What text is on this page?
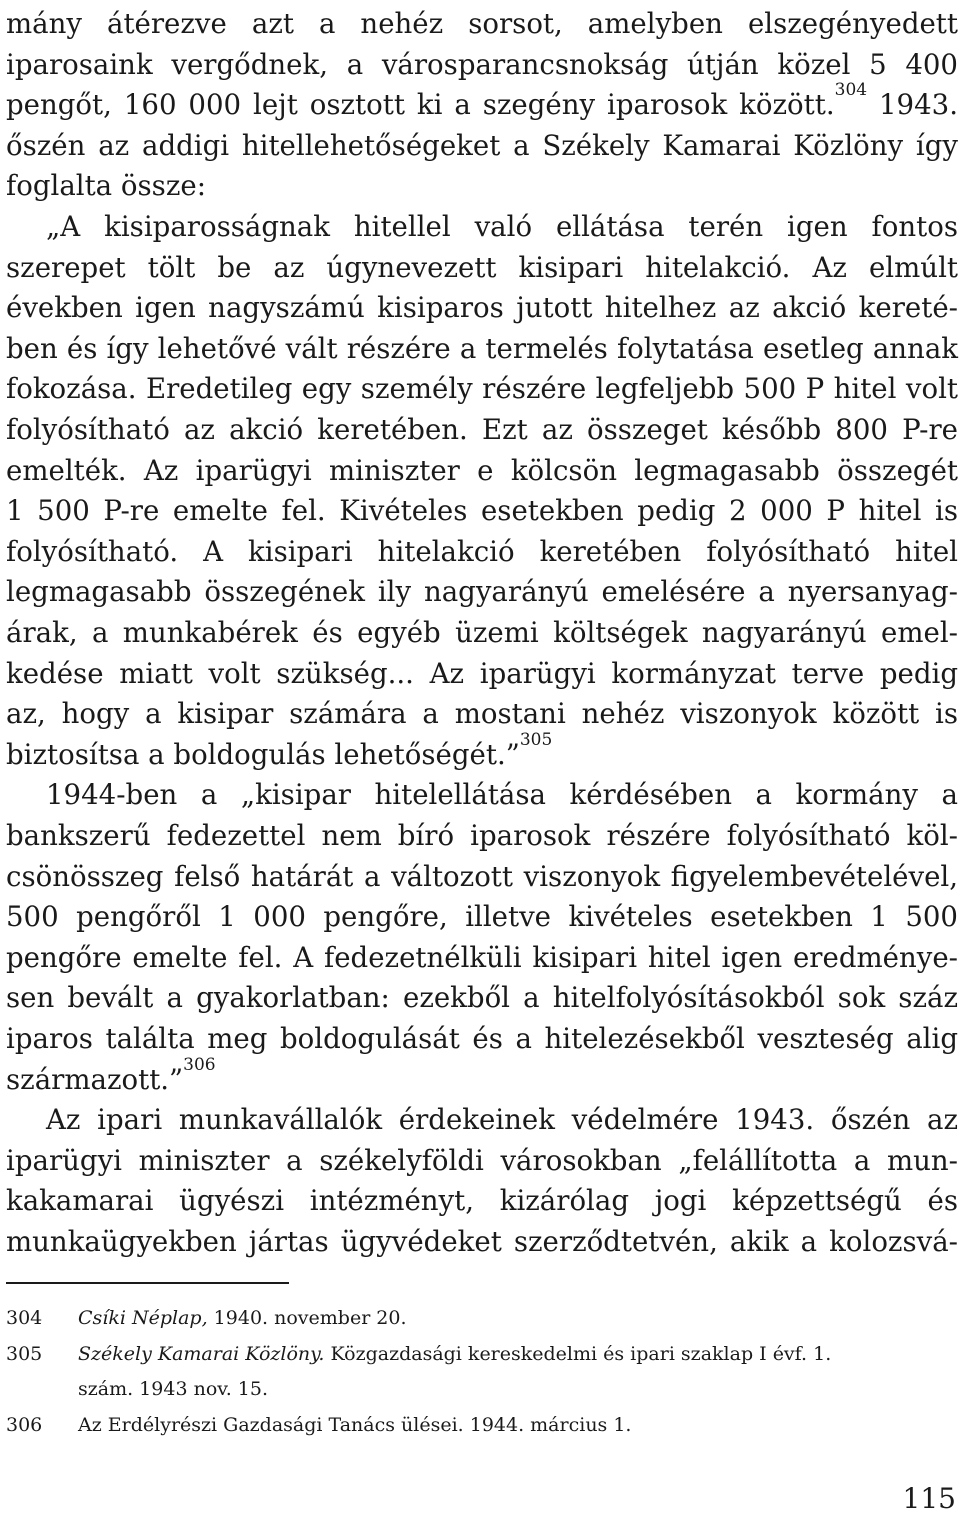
mány átérezve azt a nehéz sorsot, amelyben elszegényedett
iparosaink vergődnek, a városparancsnokság útján közel 5 400
pengőt, 160 000 lejt osztott ki a szegény iparosok között.$^{304}$ 1943.
őszén az addigi hitellehetőségeket a Székely Kamarai Közlöny így
foglalta össze:
„A kisiparosságnak hitellel való ellátása terén igen fontos
szerepet tölt be az úgynevezett kisipari hitelakció. Az elmúlt
években igen nagyszámú kisiparos jutott hitelhez az akció kereté-
ben és így lehetővé vált részére a termelés folytatása esetleg annak
fokozása. Eredetileg egy személy részére legfeljebb 500 P hitel volt
folyósítható az akció keretében. Ezt az összeget később 800 P-re
emelték. Az iparügyi miniszter e kölcsön legmagasabb összegét
1 500 P-re emelte fel. Kivételes esetekben pedig 2 000 P hitel is
folyósítható. A kisipari hitelakció keretében folyósítható hitel
legmagasabb összegének ily nagyarányú emelésére a nyersanyag-
árak, a munkabérek és egyéb üzemi költségek nagyarányú emel-
kedése miatt volt szükség... Az iparügyi kormányzat terve pedig
az, hogy a kisipar számára a mostani nehéz viszonyok között is
biztosítsa a boldogulás lehetőségét.”$^{305}$
1944-ben a „kisipar hitelellátása kérdésében a kormány a
bankszerű fedezettel nem bíró iparosok részére folyósítható köl-
csönösszeg felső határát a változott viszonyok figyelembevételével,
500 pengőről 1 000 pengőre, illetve kivételes esetekben 1 500
pengőre emelte fel. A fedezetnélküli kisipari hitel igen eredménye-
sen bevált a gyakorlatban: ezekből a hitelfolyósításokból sok száz
iparos találta meg boldogulását és a hitelezésekből veszteség alig
származott.”$^{306}$
Az ipari munkavállalók érdekeinek védelmére 1943. őszén az
iparügyi miniszter a székelyföldi városokban „felállította a mun-
kakamarai ügyészi intézményt, kizárólag jogi képzettségű és
munkaügyekben jártas ügyvédeket szerződtetvén, akik a kolozsvá-
304 Csíki Néplap, 1940. november 20.
305 Székely Kamarai Közlöny. Közgazdasági kereskedelmi és ipari szaklap I évf. 1.
szám. 1943 nov. 15.
306 Az Erdélyrészi Gazdasági Tanács ülései. 1944. március 1.
115
